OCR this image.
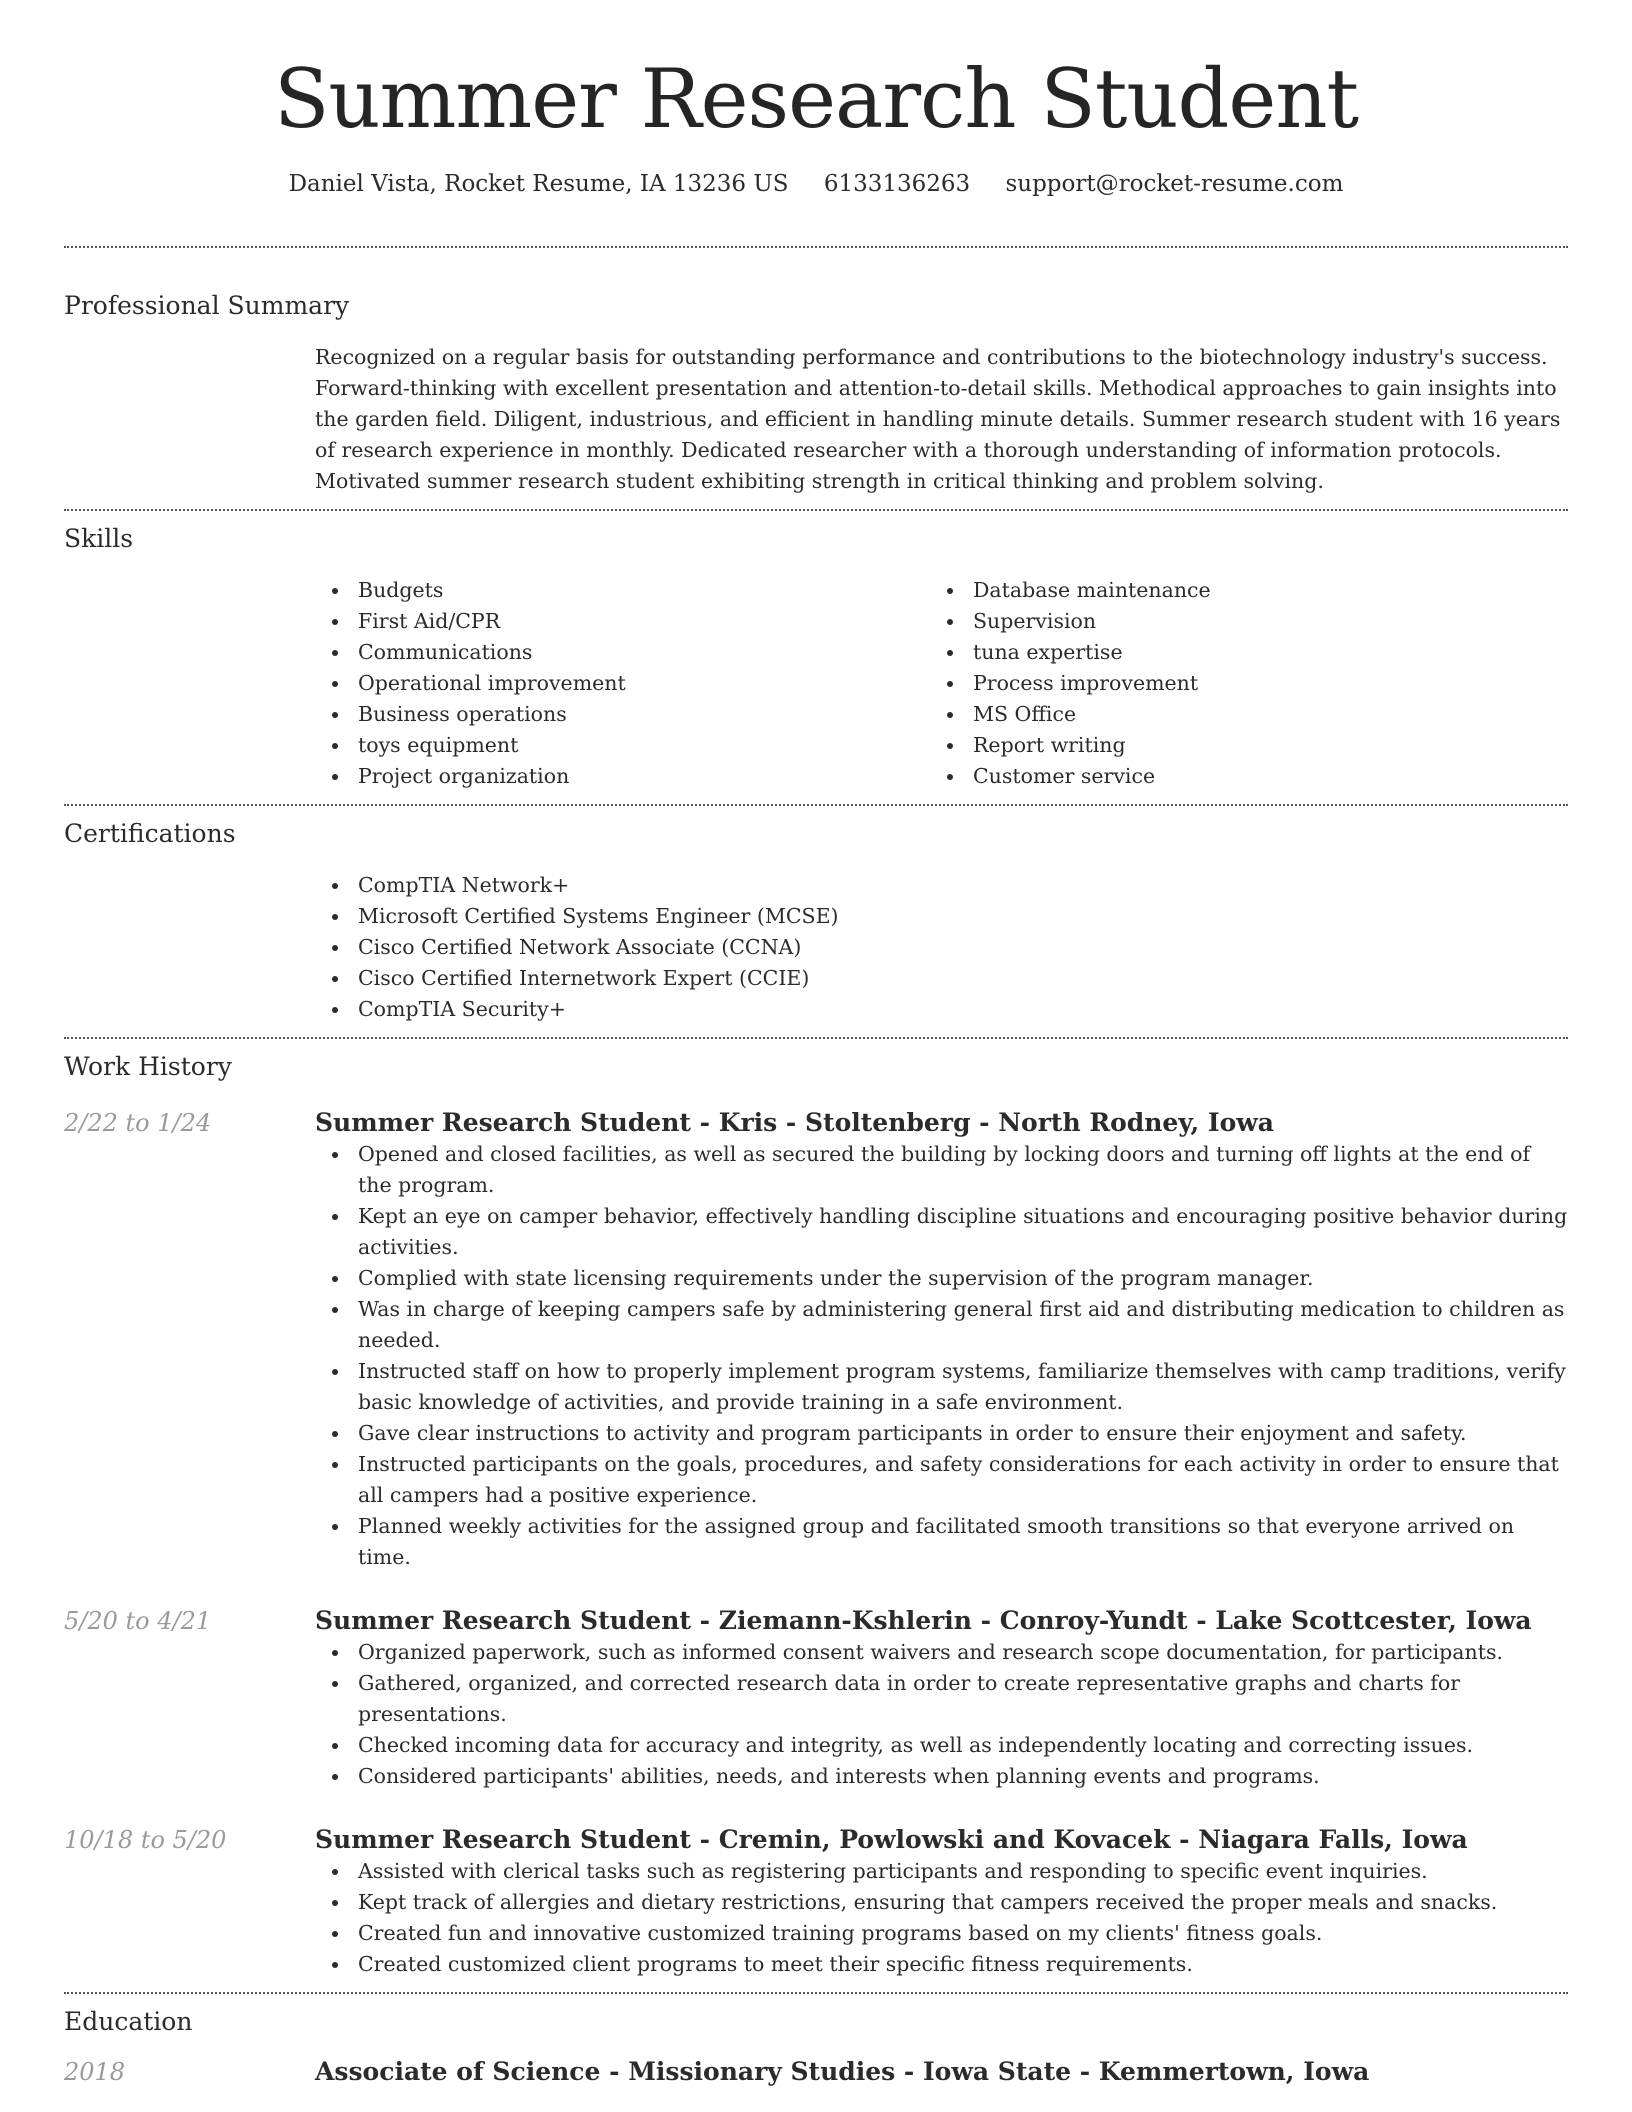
Summer Research Student
Daniel Vista, Rocket Resume, IA 13236 US 6133136263 support@rocket-resume.com
Professional Summary

Recognized on a regular basis for outstanding performance and contributions to the biotechnology industry's success. Forward-thinking with excellent presentation and attention-to-detail skills. Methodical approaches to gain insights into the garden field. Diligent, industrious, and efficient in handling minute details. Summer research student with 16 years of research experience in monthly. Dedicated researcher with a thorough understanding of information protocols. Motivated summer research student exhibiting strength in critical thinking and problem solving.

Skills
Budgets
First Aid/CPR
Communications
Operational improvement
Business operations
toys equipment
Project organization
Database maintenance
Supervision
tuna expertise
Process improvement
MS Office
Report writing
Customer service
Certifications
CompTIA Network+
Microsoft Certified Systems Engineer (MCSE)
Cisco Certified Network Associate (CCNA)
Cisco Certified Internetwork Expert (CCIE)
CompTIA Security+
Work History
2/22 to 1/24	Summer Research Student - Kris - Stoltenberg - North Rodney, Iowa
Opened and closed facilities, as well as secured the building by locking doors and turning off lights at the end of the program.
Kept an eye on camper behavior, effectively handling discipline situations and encouraging positive behavior during activities.
Complied with state licensing requirements under the supervision of the program manager.
Was in charge of keeping campers safe by administering general first aid and distributing medication to children as needed.
Instructed staff on how to properly implement program systems, familiarize themselves with camp traditions, verify basic knowledge of activities, and provide training in a safe environment.
Gave clear instructions to activity and program participants in order to ensure their enjoyment and safety.
Instructed participants on the goals, procedures, and safety considerations for each activity in order to ensure that all campers had a positive experience.
Planned weekly activities for the assigned group and facilitated smooth transitions so that everyone arrived on time.
5/20 to 4/21	Summer Research Student - Ziemann-Kshlerin - Conroy-Yundt - Lake Scottcester, Iowa
Organized paperwork, such as informed consent waivers and research scope documentation, for participants.
Gathered, organized, and corrected research data in order to create representative graphs and charts for presentations.
Checked incoming data for accuracy and integrity, as well as independently locating and correcting issues.
Considered participants' abilities, needs, and interests when planning events and programs.
10/18 to 5/20	Summer Research Student - Cremin, Powlowski and Kovacek - Niagara Falls, Iowa
Assisted with clerical tasks such as registering participants and responding to specific event inquiries.
Kept track of allergies and dietary restrictions, ensuring that campers received the proper meals and snacks.
Created fun and innovative customized training programs based on my clients' fitness goals.
Created customized client programs to meet their specific fitness requirements.
Education
2018	Associate of Science - Missionary Studies - Iowa State - Kemmertown, Iowa
